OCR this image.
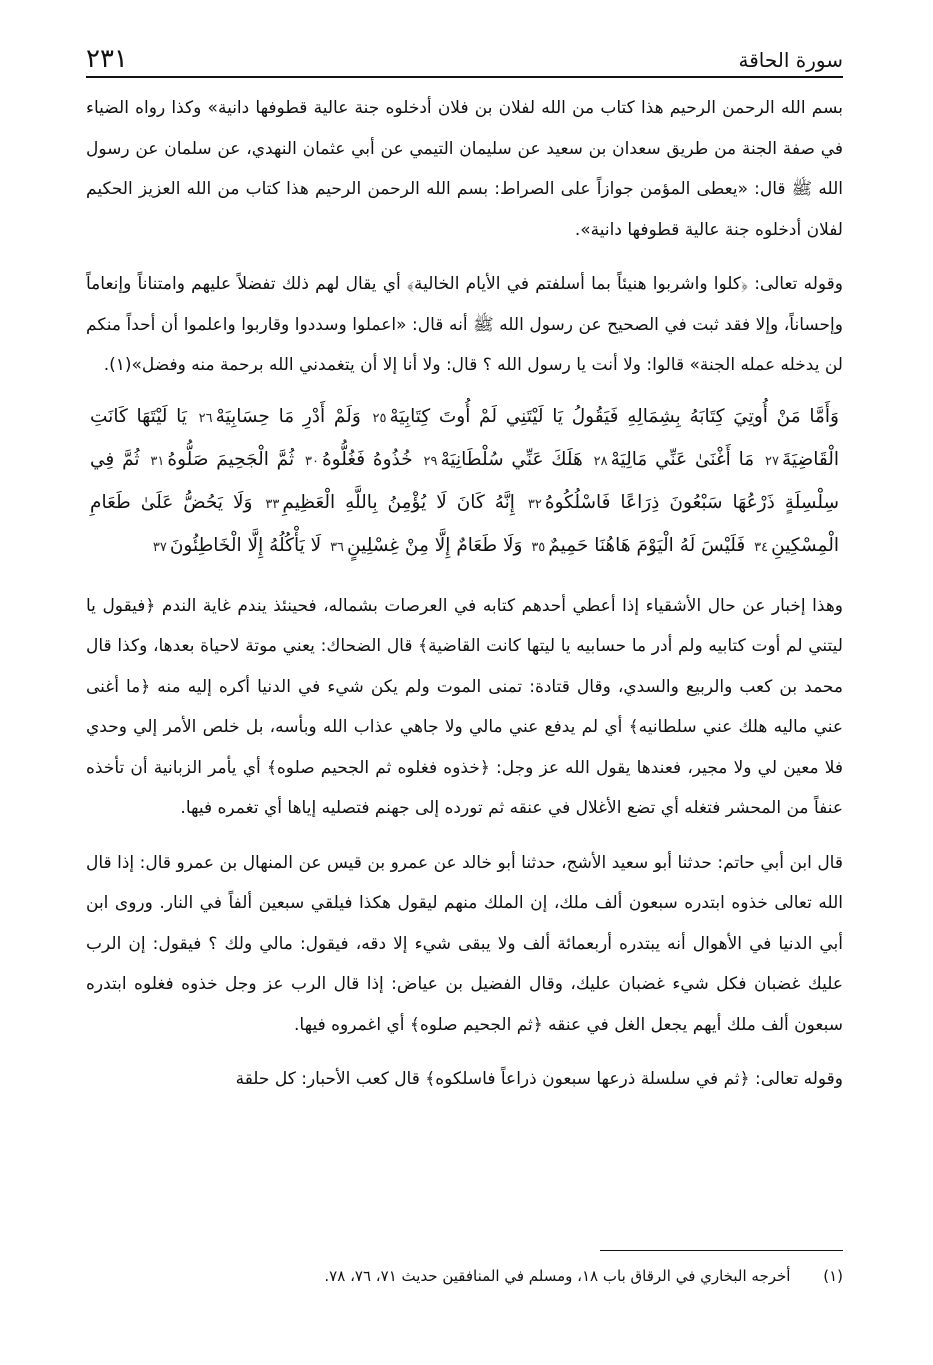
٢٣١	سورة الحاقة
بسم الله الرحمن الرحيم هذا كتاب من الله لفلان بن فلان أدخلوه جنة عالية قطوفها دانية» وكذا رواه الضياء في صفة الجنة من طريق سعدان بن سعيد عن سليمان التيمي عن أبي عثمان النهدي، عن سلمان عن رسول الله ﷺ قال: «يعطى المؤمن جوازاً على الصراط: بسم الله الرحمن الرحيم هذا كتاب من الله العزيز الحكيم لفلان أدخلوه جنة عالية قطوفها دانية».
وقوله تعالى: ﴿كلوا واشربوا هنيئاً بما أسلفتم في الأيام الخالية﴾ أي يقال لهم ذلك تفضلاً عليهم وامتناناً وإنعاماً وإحساناً، وإلا فقد ثبت في الصحيح عن رسول الله ﷺ أنه قال: «اعملوا وسددوا وقاربوا واعلموا أن أحداً منكم لن يدخله عمله الجنة» قالوا: ولا أنت يا رسول الله ؟ قال: ولا أنا إلا أن يتغمدني الله برحمة منه وفضل»(١).
وَأَمَّا مَنْ أُوتِيَ كِتَابَهُ بِشِمَالِهِ فَيَقُولُ يَا لَيْتَنِي لَمْ أُوتَ كِتَابِيَهْ٢٥ وَلَمْ أَدْرِ مَا حِسَابِيَهْ٢٦ يَا لَيْتَهَا كَانَتِ الْقَاضِيَةَ٢٧ مَا أَغْنَىٰ عَنِّي مَالِيَهْ٢٨ هَلَكَ عَنِّي سُلْطَانِيَهْ٢٩ خُذُوهُ فَغُلُّوهُ٣٠ ثُمَّ الْجَحِيمَ صَلُّوهُ٣١ ثُمَّ فِي سِلْسِلَةٍ ذَرْعُهَا سَبْعُونَ ذِرَاعًا فَاسْلُكُوهُ٣٢ إِنَّهُ كَانَ لَا يُؤْمِنُ بِاللَّهِ الْعَظِيمِ٣٣ وَلَا يَحُضُّ عَلَىٰ طَعَامِ الْمِسْكِينِ٣٤ فَلَيْسَ لَهُ الْيَوْمَ هَاهُنَا حَمِيمٌ٣٥ وَلَا طَعَامٌ إِلَّا مِنْ غِسْلِينٍ٣٦ لَا يَأْكُلُهُ إِلَّا الْخَاطِئُونَ٣٧
وهذا إخبار عن حال الأشقياء إذا أعطي أحدهم كتابه في العرصات بشماله، فحينئذ يندم غاية الندم ﴿فيقول يا ليتني لم أوت كتابيه ولم أدر ما حسابيه يا ليتها كانت القاضية﴾ قال الضحاك: يعني موتة لاحياة بعدها، وكذا قال محمد بن كعب والربيع والسدي، وقال قتادة: تمنى الموت ولم يكن شيء في الدنيا أكره إليه منه ﴿ما أغنى عني ماليه هلك عني سلطانيه﴾ أي لم يدفع عني مالي ولا جاهي عذاب الله وبأسه، بل خلص الأمر إلي وحدي فلا معين لي ولا مجير، فعندها يقول الله عز وجل: ﴿خذوه فغلوه ثم الجحيم صلوه﴾ أي يأمر الزبانية أن تأخذه عنفاً من المحشر فتغله أي تضع الأغلال في عنقه ثم تورده إلى جهنم فتصليه إياها أي تغمره فيها.
قال ابن أبي حاتم: حدثنا أبو سعيد الأشج، حدثنا أبو خالد عن عمرو بن قيس عن المنهال بن عمرو قال: إذا قال الله تعالى خذوه ابتدره سبعون ألف ملك، إن الملك منهم ليقول هكذا فيلقي سبعين ألفاً في النار. وروى ابن أبي الدنيا في الأهوال أنه يبتدره أربعمائة ألف ولا يبقى شيء إلا دقه، فيقول: مالي ولك ؟ فيقول: إن الرب عليك غضبان فكل شيء غضبان عليك، وقال الفضيل بن عياض: إذا قال الرب عز وجل خذوه فغلوه ابتدره سبعون ألف ملك أيهم يجعل الغل في عنقه ﴿ثم الجحيم صلوه﴾ أي اغمروه فيها.
وقوله تعالى: ﴿ثم في سلسلة ذرعها سبعون ذراعاً فاسلكوه﴾ قال كعب الأحبار: كل حلقة
(١) أخرجه البخاري في الرقاق باب ١٨، ومسلم في المنافقين حديث ٧١، ٧٦، ٧٨.
